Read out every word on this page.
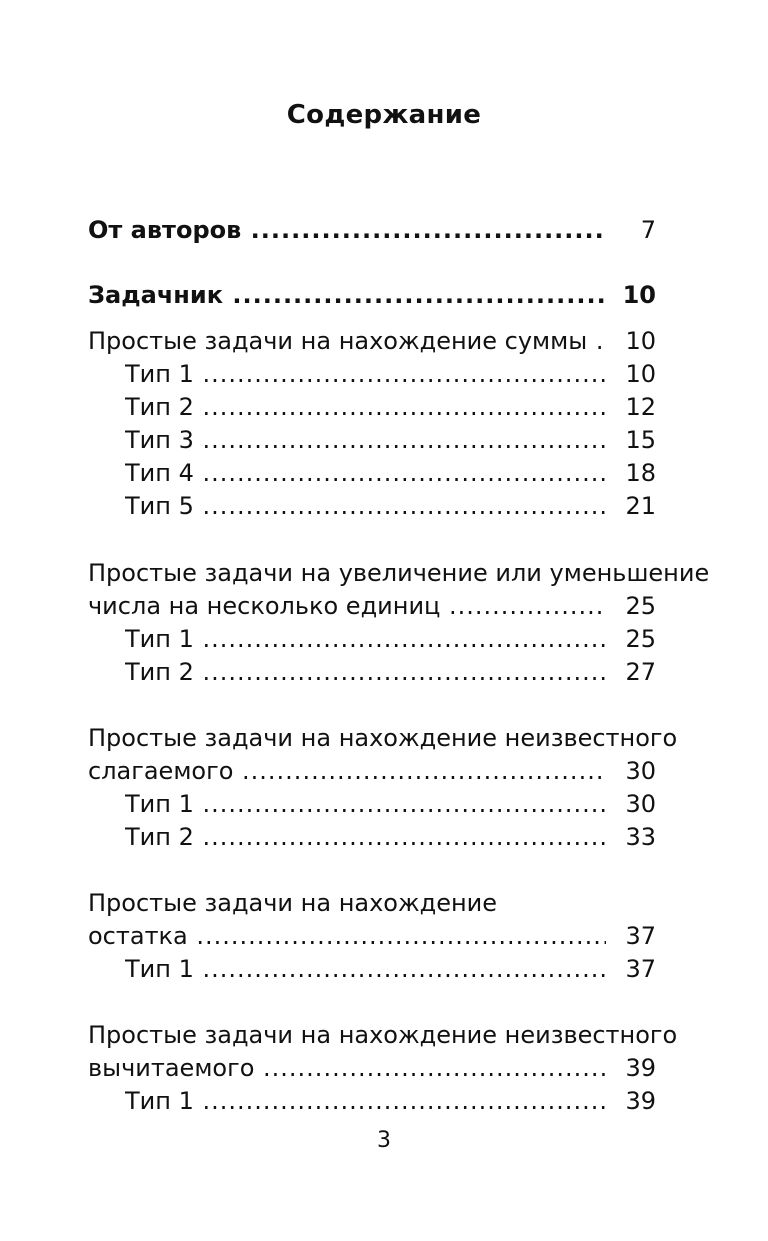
Содержание
От авторов .....	7
Задачник .....	10
Простые задачи на нахождение суммы .....	10
Тип 1 .....	10
Тип 2 .....	12
Тип 3 .....	15
Тип 4 .....	18
Тип 5 .....	21
Простые задачи на увеличение или уменьшение
числа на несколько единиц .....	25
Тип 1 .....	25
Тип 2 .....	27
Простые задачи на нахождение неизвестного
слагаемого .....	30
Тип 1 .....	30
Тип 2 .....	33
Простые задачи на нахождение
остатка .....	37
Тип 1 .....	37
Простые задачи на нахождение неизвестного
вычитаемого .....	39
Тип 1 .....	39
3
